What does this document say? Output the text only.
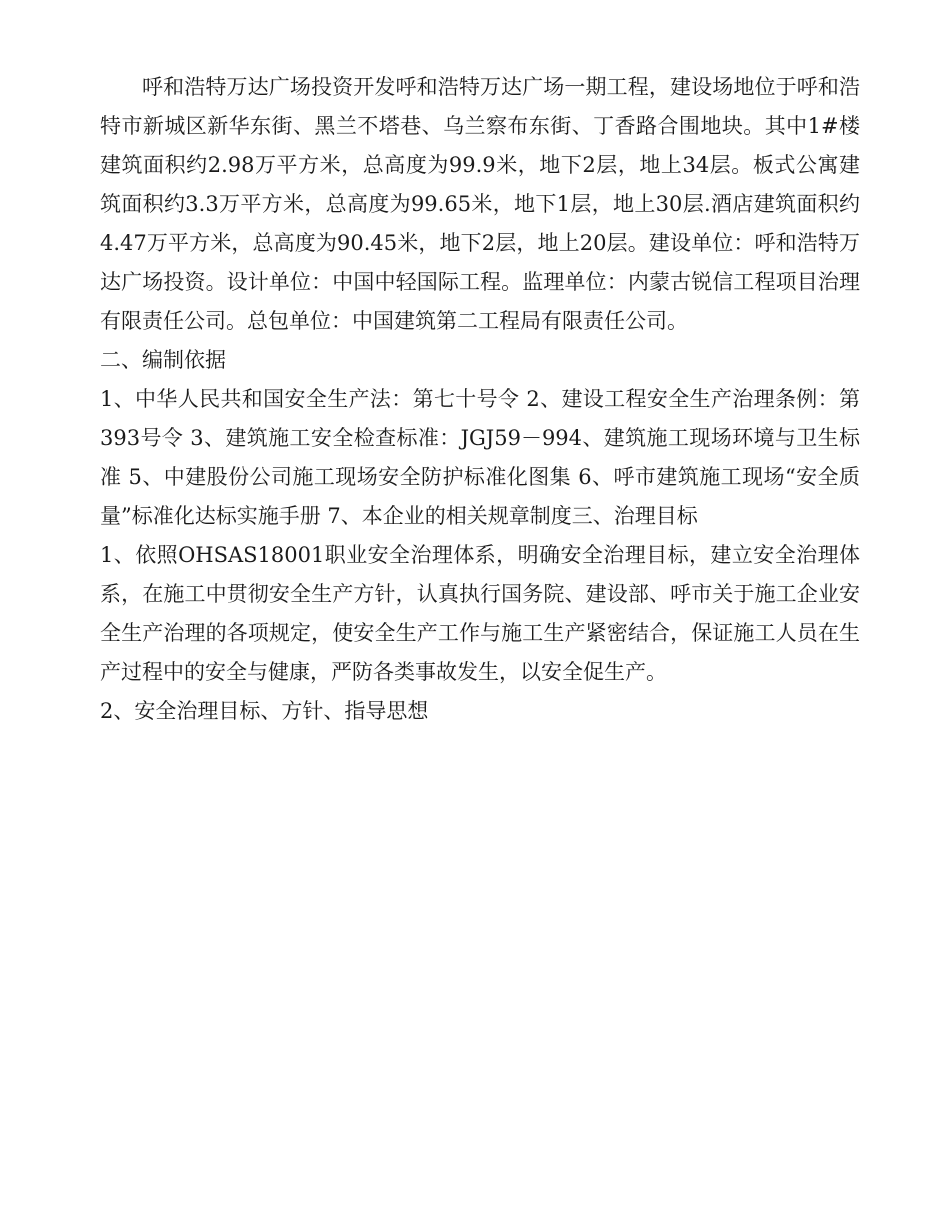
呼和浩特万达广场投资开发呼和浩特万达广场一期工程，建设场地位于呼和浩特市新城区新华东街、黑兰不塔巷、乌兰察布东街、丁香路合围地块。其中1#楼建筑面积约2.98万平方米，总高度为99.9米，地下2层，地上34层。板式公寓建筑面积约3.3万平方米，总高度为99.65米，地下1层，地上30层.酒店建筑面积约4.47万平方米，总高度为90.45米，地下2层，地上20层。建设单位：呼和浩特万达广场投资。设计单位：中国中轻国际工程。监理单位：内蒙古锐信工程项目治理有限责任公司。总包单位：中国建筑第二工程局有限责任公司。

二、编制依据

1、中华人民共和国安全生产法：第七十号令 2、建设工程安全生产治理条例：第393号令 3、建筑施工安全检查标准：JGJ59－994、建筑施工现场环境与卫生标准 5、中建股份公司施工现场安全防护标准化图集 6、呼市建筑施工现场“安全质量”标准化达标实施手册 7、本企业的相关规章制度三、治理目标

1、依照OHSAS18001职业安全治理体系，明确安全治理目标，建立安全治理体系，在施工中贯彻安全生产方针，认真执行国务院、建设部、呼市关于施工企业安全生产治理的各项规定，使安全生产工作与施工生产紧密结合，保证施工人员在生产过程中的安全与健康，严防各类事故发生，以安全促生产。

2、安全治理目标、方针、指导思想
